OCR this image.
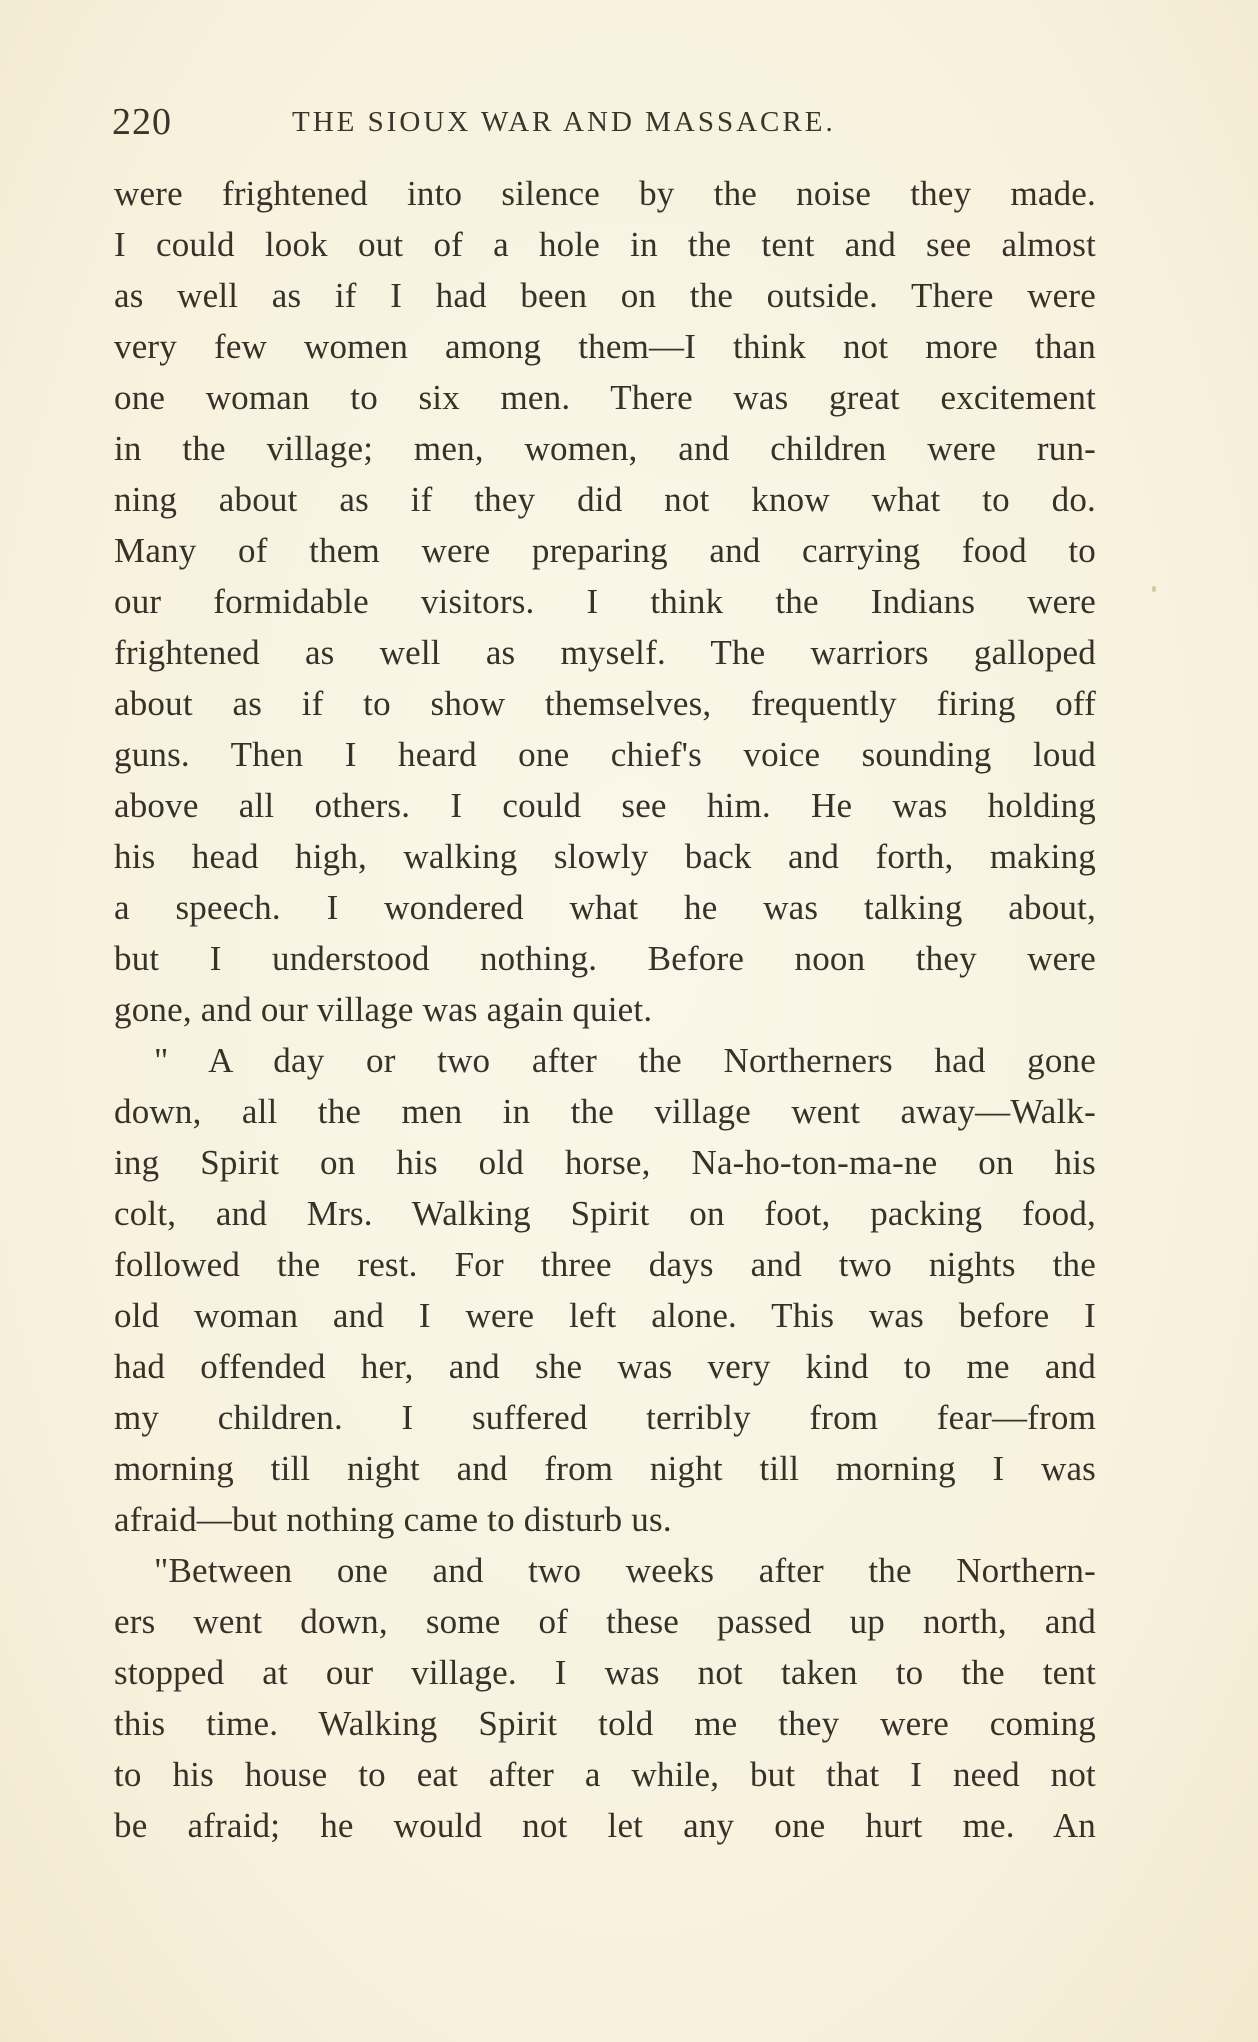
220	THE SIOUX WAR AND MASSACRE.
were frightened into silence by the noise they made.
I could look out of a hole in the tent and see almost
as well as if I had been on the outside. There were
very few women among them—I think not more than
one woman to six men. There was great excitement
in the village; men, women, and children were run-
ning about as if they did not know what to do.
Many of them were preparing and carrying food to
our formidable visitors. I think the Indians were
frightened as well as myself. The warriors galloped
about as if to show themselves, frequently firing off
guns. Then I heard one chief's voice sounding loud
above all others. I could see him. He was holding
his head high, walking slowly back and forth, making
a speech. I wondered what he was talking about,
but I understood nothing. Before noon they were
gone, and our village was again quiet.
" A day or two after the Northerners had gone
down, all the men in the village went away—Walk-
ing Spirit on his old horse, Na-ho-ton-ma-ne on his
colt, and Mrs. Walking Spirit on foot, packing food,
followed the rest. For three days and two nights the
old woman and I were left alone. This was before I
had offended her, and she was very kind to me and
my children. I suffered terribly from fear—from
morning till night and from night till morning I was
afraid—but nothing came to disturb us.
"Between one and two weeks after the Northern-
ers went down, some of these passed up north, and
stopped at our village. I was not taken to the tent
this time. Walking Spirit told me they were coming
to his house to eat after a while, but that I need not
be afraid; he would not let any one hurt me. An
